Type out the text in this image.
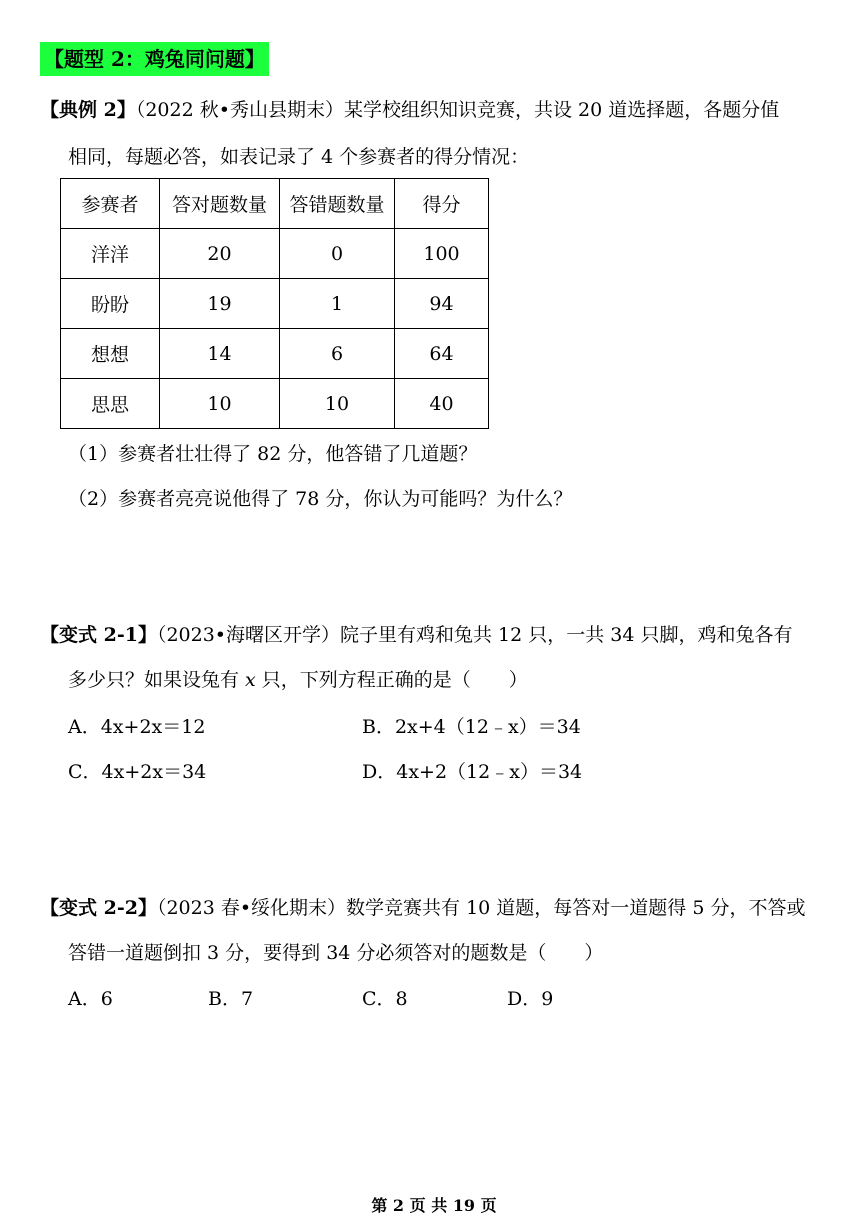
【题型 2：鸡兔同问题】
【典例 2】（2022 秋•秀山县期末）某学校组织知识竞赛，共设 20 道选择题，各题分值
相同，每题必答，如表记录了 4 个参赛者的得分情况：
参赛者	答对题数量	答错题数量	得分
洋洋	20	0	100
盼盼	19	1	94
想想	14	6	64
思思	10	10	40
（1）参赛者壮壮得了 82 分，他答错了几道题？
（2）参赛者亮亮说他得了 78 分，你认为可能吗？为什么？
【变式 2-1】（2023•海曙区开学）院子里有鸡和兔共 12 只，一共 34 只脚，鸡和兔各有
多少只？如果设兔有 x 只，下列方程正确的是（　　）
A．4x+2x＝12	B．2x+4（12﹣x）＝34
C．4x+2x＝34	D．4x+2（12﹣x）＝34
【变式 2-2】（2023 春•绥化期末）数学竞赛共有 10 道题，每答对一道题得 5 分，不答或
答错一道题倒扣 3 分，要得到 34 分必须答对的题数是（　　）
A．6	B．7	C．8	D．9
第 2 页 共 19 页
